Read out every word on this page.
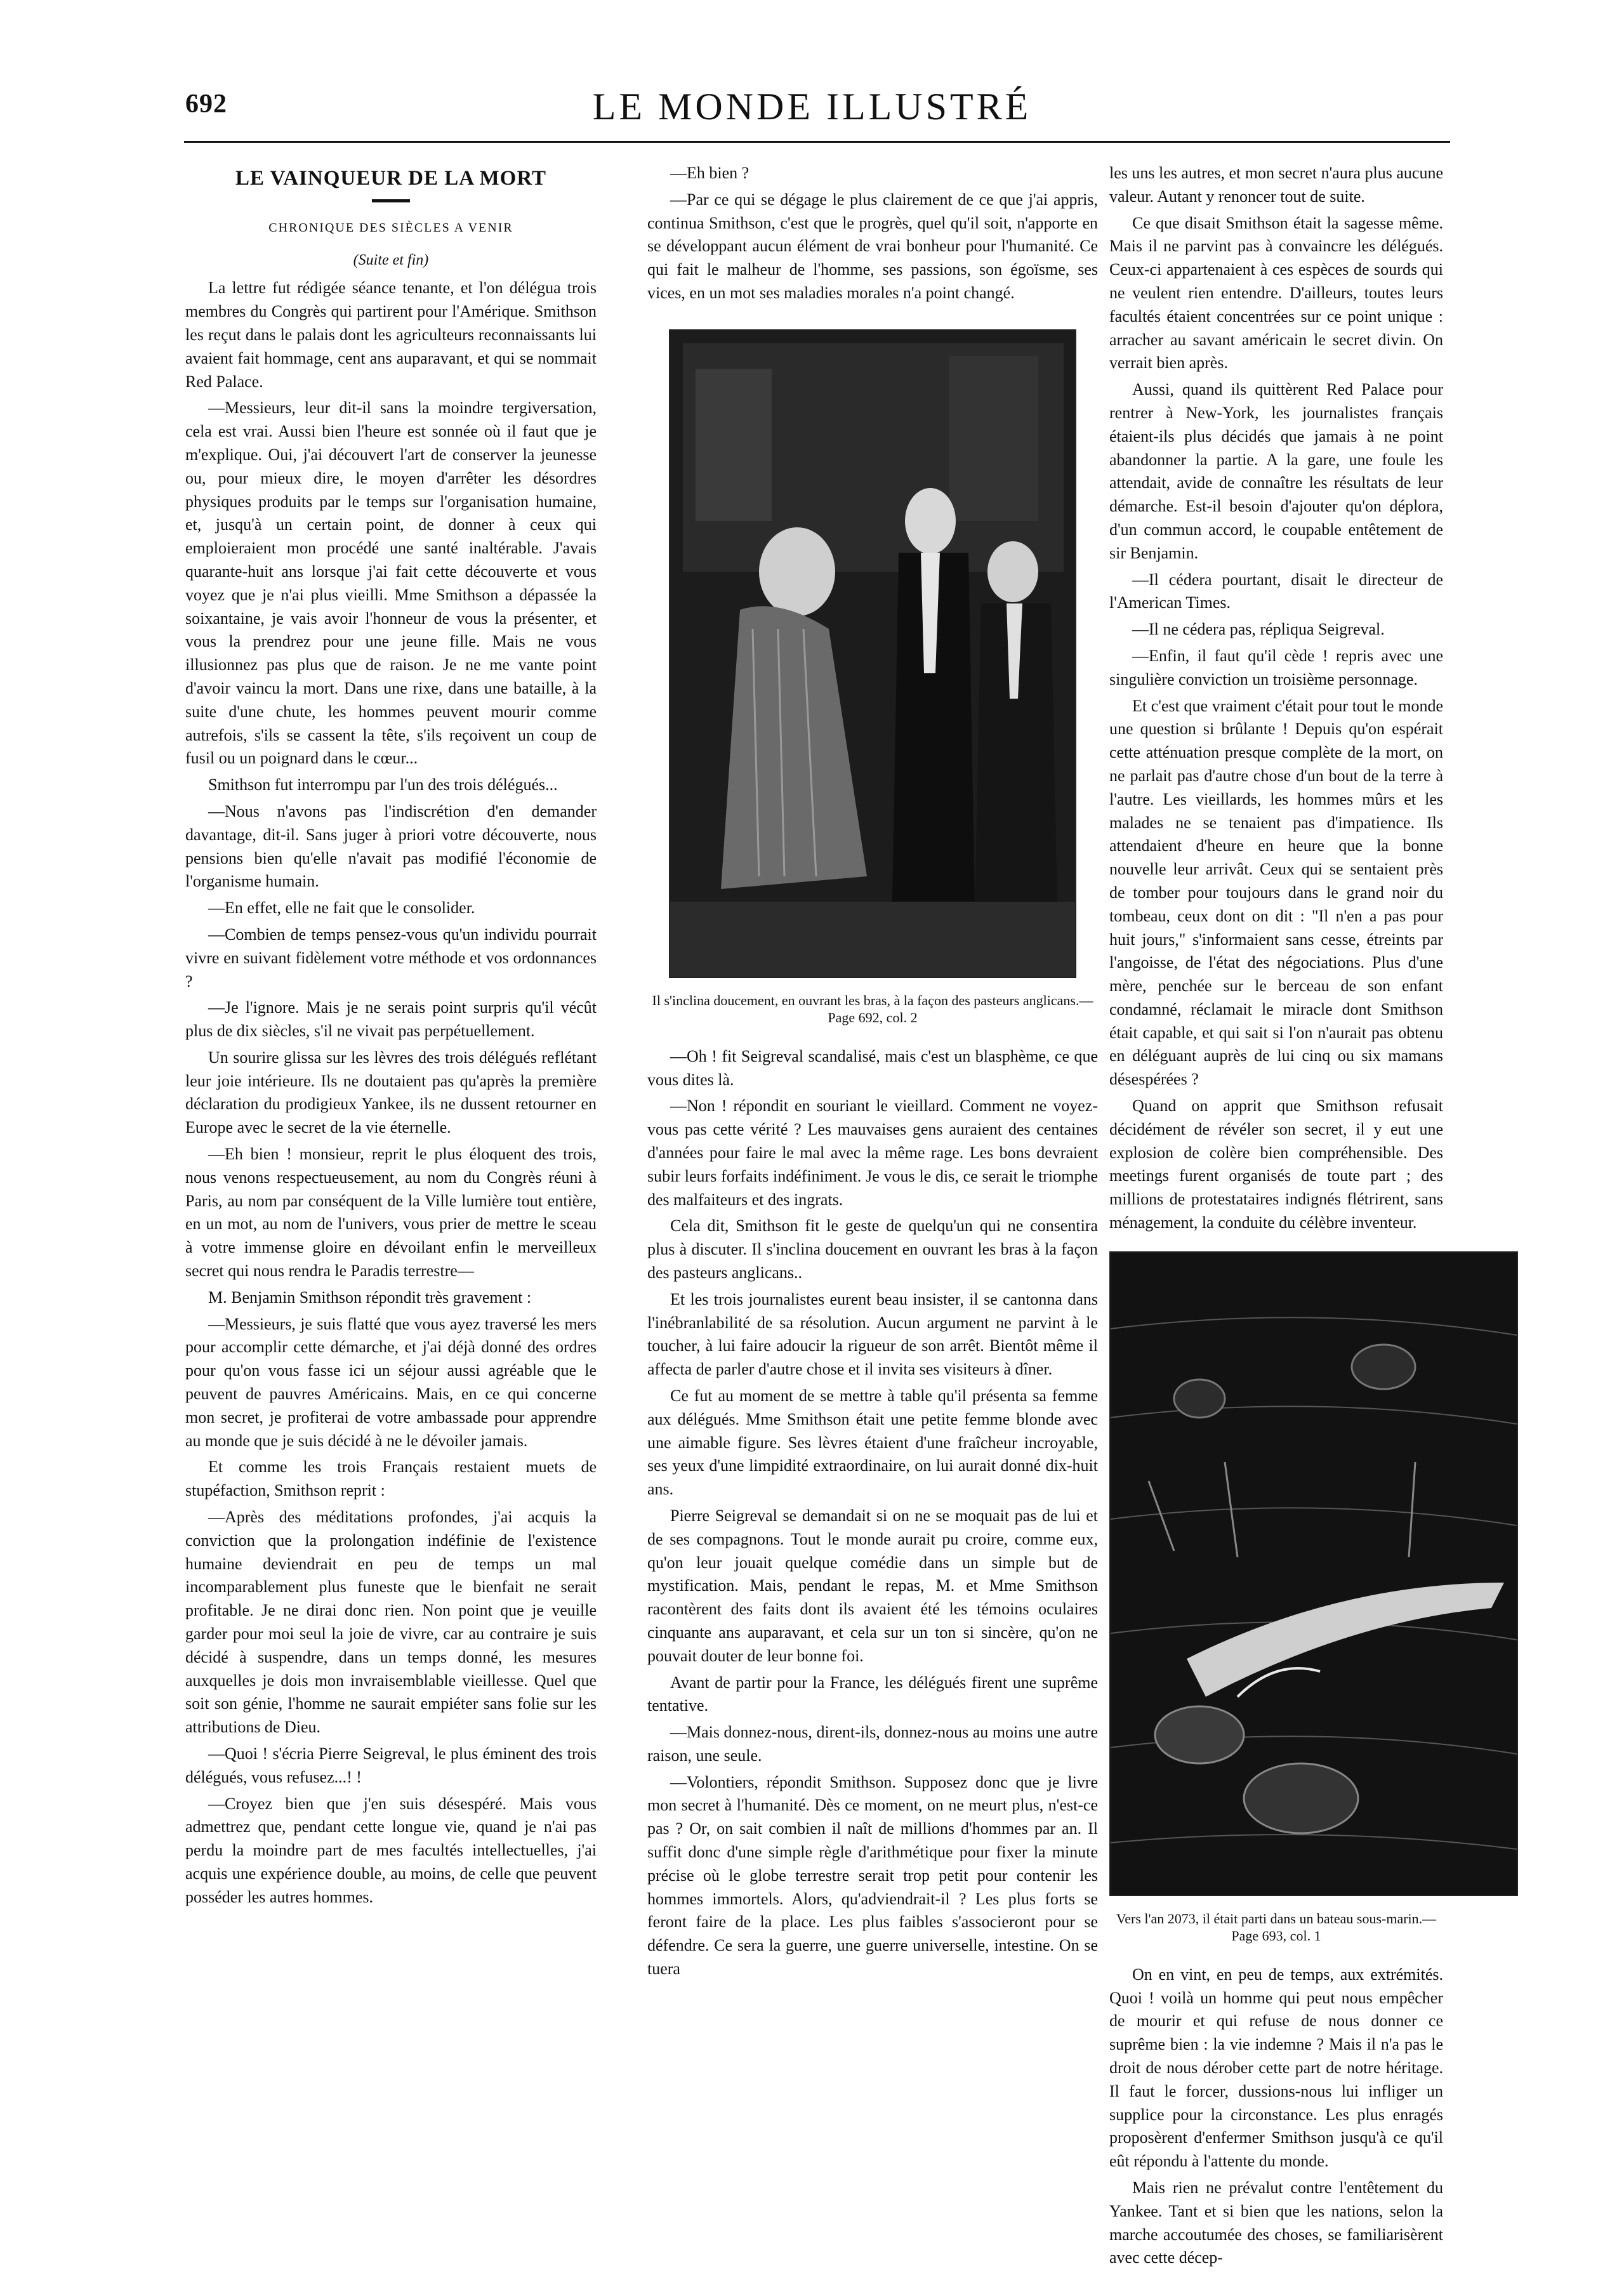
692	LE MONDE ILLUSTRÉ
LE VAINQUEUR DE LA MORT
CHRONIQUE DES SIÈCLES A VENIR
(Suite et fin)

La lettre fut rédigée séance tenante, et l'on délégua trois membres du Congrès qui partirent pour l'Amérique. Smithson les reçut dans le palais dont les agriculteurs reconnaissants lui avaient fait hommage, cent ans auparavant, et qui se nommait Red Palace.

—Messieurs, leur dit-il sans la moindre tergiversation, cela est vrai. Aussi bien l'heure est sonnée où il faut que je m'explique. Oui, j'ai découvert l'art de conserver la jeunesse ou, pour mieux dire, le moyen d'arrêter les désordres physiques produits par le temps sur l'organisation humaine, et, jusqu'à un certain point, de donner à ceux qui emploieraient mon procédé une santé inaltérable. J'avais quarante-huit ans lorsque j'ai fait cette découverte et vous voyez que je n'ai plus vieilli. Mme Smithson a dépassée la soixantaine, je vais avoir l'honneur de vous la présenter, et vous la prendrez pour une jeune fille. Mais ne vous illusionnez pas plus que de raison. Je ne me vante point d'avoir vaincu la mort. Dans une rixe, dans une bataille, à la suite d'une chute, les hommes peuvent mourir comme autrefois, s'ils se cassent la tête, s'ils reçoivent un coup de fusil ou un poignard dans le cœur...

Smithson fut interrompu par l'un des trois délégués...

—Nous n'avons pas l'indiscrétion d'en demander davantage, dit-il. Sans juger à priori votre découverte, nous pensions bien qu'elle n'avait pas modifié l'économie de l'organisme humain.

—En effet, elle ne fait que le consolider.

—Combien de temps pensez-vous qu'un individu pourrait vivre en suivant fidèlement votre méthode et vos ordonnances ?

—Je l'ignore. Mais je ne serais point surpris qu'il vécût plus de dix siècles, s'il ne vivait pas perpétuellement.

Un sourire glissa sur les lèvres des trois délégués reflétant leur joie intérieure. Ils ne doutaient pas qu'après la première déclaration du prodigieux Yankee, ils ne dussent retourner en Europe avec le secret de la vie éternelle.

—Eh bien ! monsieur, reprit le plus éloquent des trois, nous venons respectueusement, au nom du Congrès réuni à Paris, au nom par conséquent de la Ville lumière tout entière, en un mot, au nom de l'univers, vous prier de mettre le sceau à votre immense gloire en dévoilant enfin le merveilleux secret qui nous rendra le Paradis terrestre—

M. Benjamin Smithson répondit très gravement :

—Messieurs, je suis flatté que vous ayez traversé les mers pour accomplir cette démarche, et j'ai déjà donné des ordres pour qu'on vous fasse ici un séjour aussi agréable que le peuvent de pauvres Américains. Mais, en ce qui concerne mon secret, je profiterai de votre ambassade pour apprendre au monde que je suis décidé à ne le dévoiler jamais.

Et comme les trois Français restaient muets de stupéfaction, Smithson reprit :

—Après des méditations profondes, j'ai acquis la conviction que la prolongation indéfinie de l'existence humaine deviendrait en peu de temps un mal incomparablement plus funeste que le bienfait ne serait profitable. Je ne dirai donc rien. Non point que je veuille garder pour moi seul la joie de vivre, car au contraire je suis décidé à suspendre, dans un temps donné, les mesures auxquelles je dois mon invraisemblable vieillesse. Quel que soit son génie, l'homme ne saurait empiéter sans folie sur les attributions de Dieu.

—Quoi ! s'écria Pierre Seigreval, le plus éminent des trois délégués, vous refusez...! !

—Croyez bien que j'en suis désespéré. Mais vous admettrez que, pendant cette longue vie, quand je n'ai pas perdu la moindre part de mes facultés intellectuelles, j'ai acquis une expérience double, au moins, de celle que peuvent posséder les autres hommes.

—Eh bien ?

—Par ce qui se dégage le plus clairement de ce que j'ai appris, continua Smithson, c'est que le progrès, quel qu'il soit, n'apporte en se développant aucun élément de vrai bonheur pour l'humanité. Ce qui fait le malheur de l'homme, ses passions, son égoïsme, ses vices, en un mot ses maladies morales n'a point changé.

Il s'inclina doucement, en ouvrant les bras, à la façon des pasteurs anglicans.—Page 692, col. 2

—Oh ! fit Seigreval scandalisé, mais c'est un blasphème, ce que vous dites là.

—Non ! répondit en souriant le vieillard. Comment ne voyez-vous pas cette vérité ? Les mauvaises gens auraient des centaines d'années pour faire le mal avec la même rage. Les bons devraient subir leurs forfaits indéfiniment. Je vous le dis, ce serait le triomphe des malfaiteurs et des ingrats.

Cela dit, Smithson fit le geste de quelqu'un qui ne consentira plus à discuter. Il s'inclina doucement en ouvrant les bras à la façon des pasteurs anglicans..

Et les trois journalistes eurent beau insister, il se cantonna dans l'inébranlabilité de sa résolution. Aucun argument ne parvint à le toucher, à lui faire adoucir la rigueur de son arrêt. Bientôt même il affecta de parler d'autre chose et il invita ses visiteurs à dîner.

Ce fut au moment de se mettre à table qu'il présenta sa femme aux délégués. Mme Smithson était une petite femme blonde avec une aimable figure. Ses lèvres étaient d'une fraîcheur incroyable, ses yeux d'une limpidité extraordinaire, on lui aurait donné dix-huit ans.

Pierre Seigreval se demandait si on ne se moquait pas de lui et de ses compagnons. Tout le monde aurait pu croire, comme eux, qu'on leur jouait quelque comédie dans un simple but de mystification. Mais, pendant le repas, M. et Mme Smithson racontèrent des faits dont ils avaient été les témoins oculaires cinquante ans auparavant, et cela sur un ton si sincère, qu'on ne pouvait douter de leur bonne foi.

Avant de partir pour la France, les délégués firent une suprême tentative.

—Mais donnez-nous, dirent-ils, donnez-nous au moins une autre raison, une seule.

—Volontiers, répondit Smithson. Supposez donc que je livre mon secret à l'humanité. Dès ce moment, on ne meurt plus, n'est-ce pas ? Or, on sait combien il naît de millions d'hommes par an. Il suffit donc d'une simple règle d'arithmétique pour fixer la minute précise où le globe terrestre serait trop petit pour contenir les hommes immortels. Alors, qu'adviendrait-il ? Les plus forts se feront faire de la place. Les plus faibles s'associeront pour se défendre. Ce sera la guerre, une guerre universelle, intestine. On se tuera

les uns les autres, et mon secret n'aura plus aucune valeur. Autant y renoncer tout de suite.

Ce que disait Smithson était la sagesse même. Mais il ne parvint pas à convaincre les délégués. Ceux-ci appartenaient à ces espèces de sourds qui ne veulent rien entendre. D'ailleurs, toutes leurs facultés étaient concentrées sur ce point unique : arracher au savant américain le secret divin. On verrait bien après.

Aussi, quand ils quittèrent Red Palace pour rentrer à New-York, les journalistes français étaient-ils plus décidés que jamais à ne point abandonner la partie. A la gare, une foule les attendait, avide de connaître les résultats de leur démarche. Est-il besoin d'ajouter qu'on déplora, d'un commun accord, le coupable entêtement de sir Benjamin.

—Il cédera pourtant, disait le directeur de l'American Times.

—Il ne cédera pas, répliqua Seigreval.

—Enfin, il faut qu'il cède ! repris avec une singulière conviction un troisième personnage.

Et c'est que vraiment c'était pour tout le monde une question si brûlante ! Depuis qu'on espérait cette atténuation presque complète de la mort, on ne parlait pas d'autre chose d'un bout de la terre à l'autre. Les vieillards, les hommes mûrs et les malades ne se tenaient pas d'impatience. Ils attendaient d'heure en heure que la bonne nouvelle leur arrivât. Ceux qui se sentaient près de tomber pour toujours dans le grand noir du tombeau, ceux dont on dit : "Il n'en a pas pour huit jours," s'informaient sans cesse, étreints par l'angoisse, de l'état des négociations. Plus d'une mère, penchée sur le berceau de son enfant condamné, réclamait le miracle dont Smithson était capable, et qui sait si l'on n'aurait pas obtenu en déléguant auprès de lui cinq ou six mamans désespérées ?

Quand on apprit que Smithson refusait décidément de révéler son secret, il y eut une explosion de colère bien compréhensible. Des meetings furent organisés de toute part ; des millions de protestataires indignés flétrirent, sans ménagement, la conduite du célèbre inventeur.

Vers l'an 2073, il était parti dans un bateau sous-marin.—Page 693, col. 1

On en vint, en peu de temps, aux extrémités. Quoi ! voilà un homme qui peut nous empêcher de mourir et qui refuse de nous donner ce suprême bien : la vie indemne ? Mais il n'a pas le droit de nous dérober cette part de notre héritage. Il faut le forcer, dussions-nous lui infliger un supplice pour la circonstance. Les plus enragés proposèrent d'enfermer Smithson jusqu'à ce qu'il eût répondu à l'attente du monde.

Mais rien ne prévalut contre l'entêtement du Yankee. Tant et si bien que les nations, selon la marche accoutumée des choses, se familiarisèrent avec cette décep-
